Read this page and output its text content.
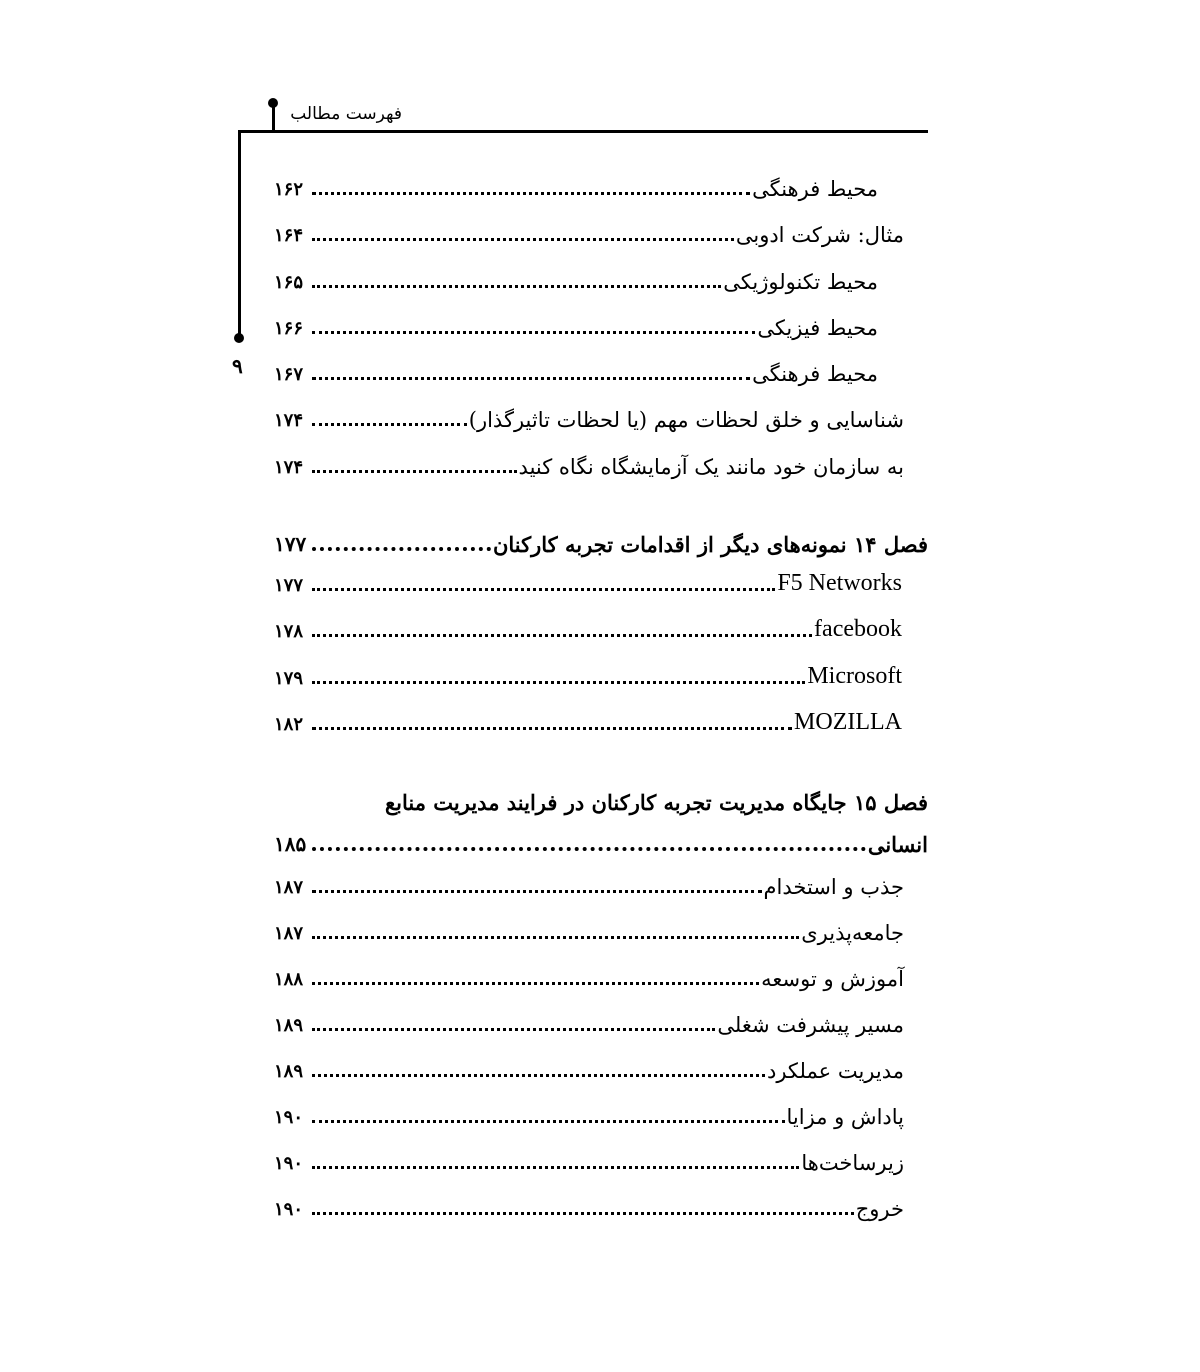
فهرست مطالب
۹
۱۶۲	محیط فرهنگی
۱۶۴	مثال: شرکت ادوبی
۱۶۵	محیط تکنولوژیکی
۱۶۶	محیط فیزیکی
۱۶۷	محیط فرهنگی
۱۷۴	شناسایی و خلق لحظات مهم (یا لحظات تاثیرگذار)
۱۷۴	به سازمان خود مانند یک آزمایشگاه نگاه کنید
۱۷۷	فصل ۱۴ نمونه‌های دیگر از اقدامات تجربه کارکنان
۱۷۷	F5 Networks
۱۷۸	facebook
۱۷۹	Microsoft
۱۸۲	MOZILLA
فصل ۱۵ جایگاه مدیریت تجربه کارکنان در فرایند مدیریت منابع
۱۸۵	انسانی
۱۸۷	جذب و استخدام
۱۸۷	جامعه‌پذیری
۱۸۸	آموزش و توسعه
۱۸۹	مسیر پیشرفت شغلی
۱۸۹	مدیریت عملکرد
۱۹۰	پاداش و مزایا
۱۹۰	زیرساخت‌ها
۱۹۰	خروج
